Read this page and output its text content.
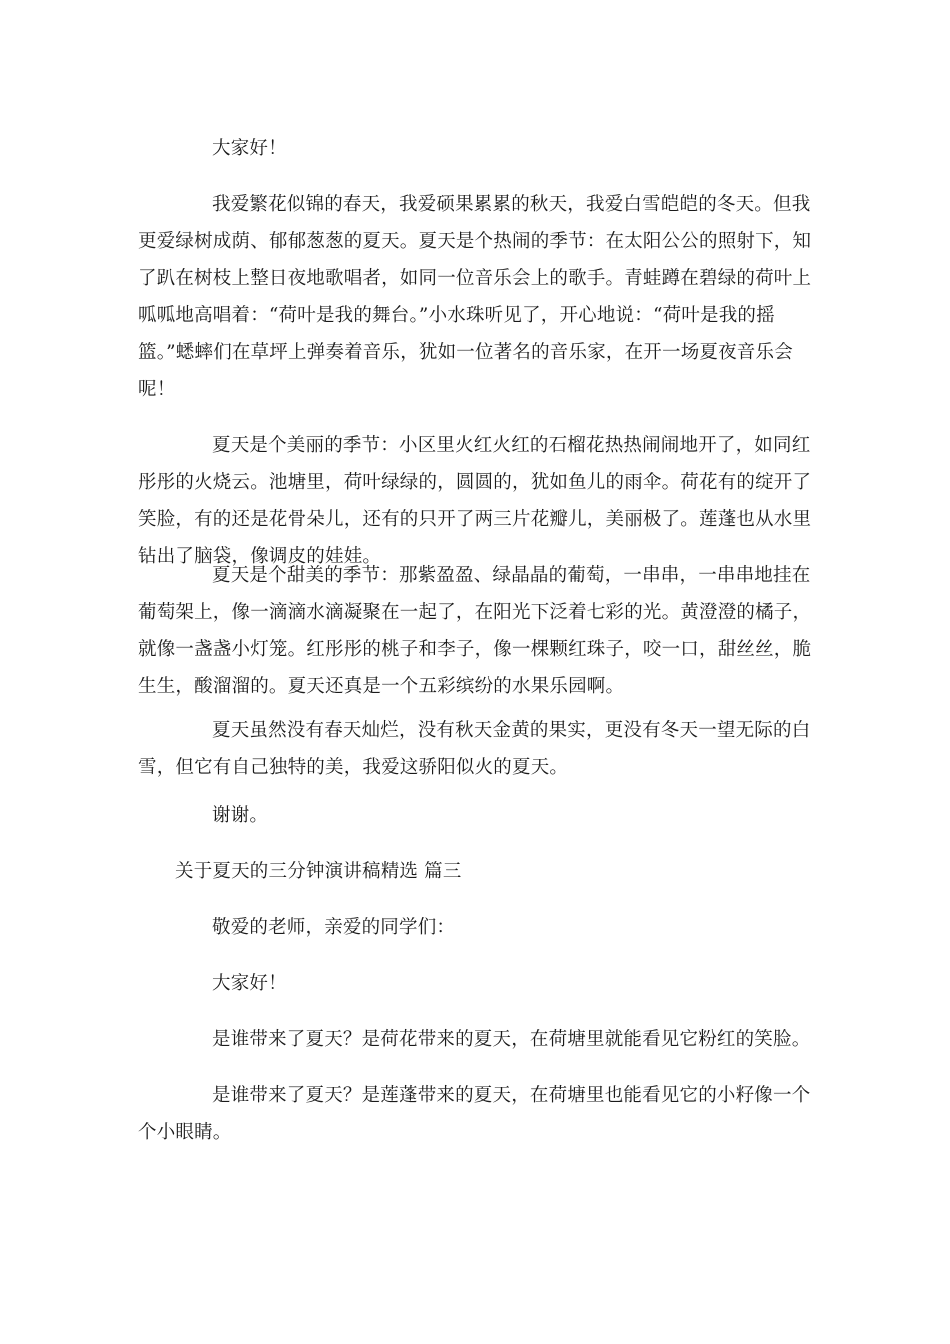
大家好！

我爱繁花似锦的春天，我爱硕果累累的秋天，我爱白雪皑皑的冬天。但我更爱绿树成荫、郁郁葱葱的夏天。夏天是个热闹的季节：在太阳公公的照射下，知了趴在树枝上整日夜地歌唱者，如同一位音乐会上的歌手。青蛙蹲在碧绿的荷叶上呱呱地高唱着：“荷叶是我的舞台。”小水珠听见了，开心地说：“荷叶是我的摇篮。”蟋蟀们在草坪上弹奏着音乐，犹如一位著名的音乐家，在开一场夏夜音乐会呢！

夏天是个美丽的季节：小区里火红火红的石榴花热热闹闹地开了，如同红彤彤的火烧云。池塘里，荷叶绿绿的，圆圆的，犹如鱼儿的雨伞。荷花有的绽开了笑脸，有的还是花骨朵儿，还有的只开了两三片花瓣儿，美丽极了。莲蓬也从水里钻出了脑袋，像调皮的娃娃。

夏天是个甜美的季节：那紫盈盈、绿晶晶的葡萄，一串串，一串串地挂在葡萄架上，像一滴滴水滴凝聚在一起了，在阳光下泛着七彩的光。黄澄澄的橘子，就像一盏盏小灯笼。红彤彤的桃子和李子，像一棵颗红珠子，咬一口，甜丝丝，脆生生，酸溜溜的。夏天还真是一个五彩缤纷的水果乐园啊。

夏天虽然没有春天灿烂，没有秋天金黄的果实，更没有冬天一望无际的白雪，但它有自己独特的美，我爱这骄阳似火的夏天。

谢谢。

关于夏天的三分钟演讲稿精选 篇三

敬爱的老师，亲爱的同学们：

大家好！

是谁带来了夏天？是荷花带来的夏天，在荷塘里就能看见它粉红的笑脸。

是谁带来了夏天？是莲蓬带来的夏天，在荷塘里也能看见它的小籽像一个个小眼睛。
